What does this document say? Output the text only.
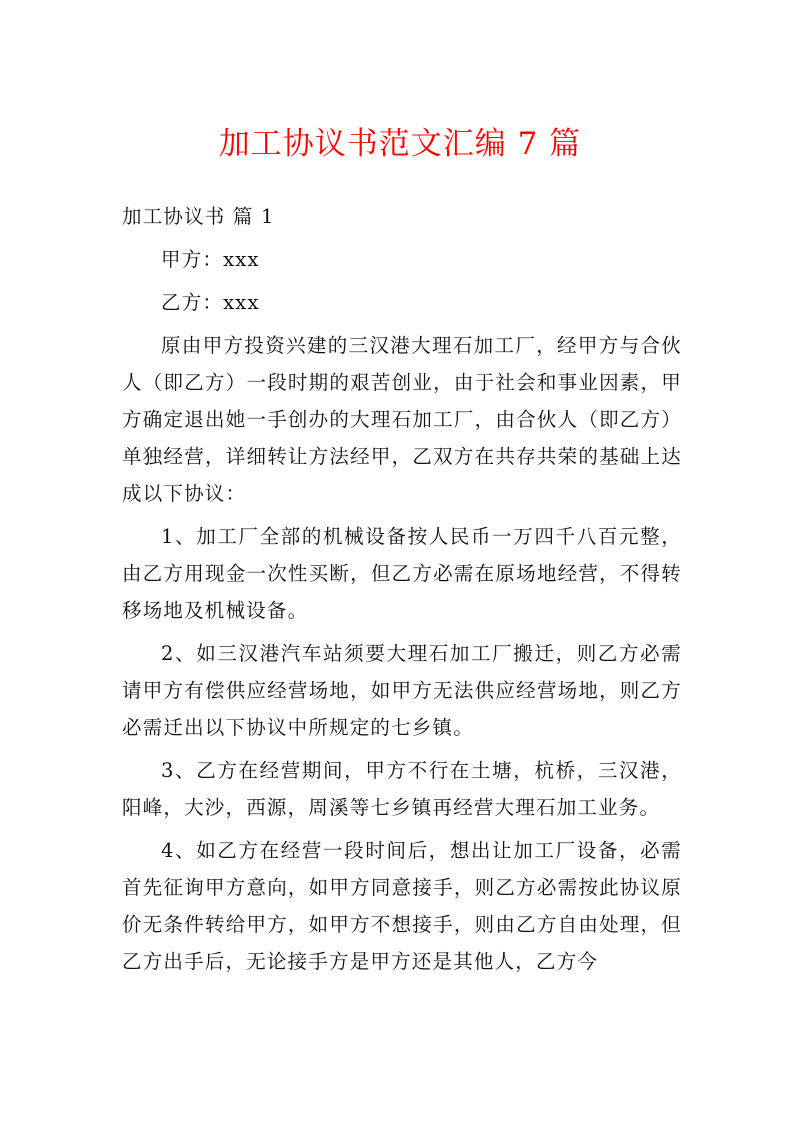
加工协议书范文汇编 7 篇
加工协议书 篇 1

甲方：xxx

乙方：xxx

原由甲方投资兴建的三汉港大理石加工厂，经甲方与合伙人（即乙方）一段时期的艰苦创业，由于社会和事业因素，甲方确定退出她一手创办的大理石加工厂，由合伙人（即乙方）单独经营，详细转让方法经甲，乙双方在共存共荣的基础上达成以下协议：

1、加工厂全部的机械设备按人民币一万四千八百元整，由乙方用现金一次性买断，但乙方必需在原场地经营，不得转移场地及机械设备。

2、如三汉港汽车站须要大理石加工厂搬迁，则乙方必需请甲方有偿供应经营场地，如甲方无法供应经营场地，则乙方必需迁出以下协议中所规定的七乡镇。

3、乙方在经营期间，甲方不行在土塘，杭桥，三汉港，阳峰，大沙，西源，周溪等七乡镇再经营大理石加工业务。

4、如乙方在经营一段时间后，想出让加工厂设备，必需首先征询甲方意向，如甲方同意接手，则乙方必需按此协议原价无条件转给甲方，如甲方不想接手，则由乙方自由处理，但乙方出手后，无论接手方是甲方还是其他人，乙方今
